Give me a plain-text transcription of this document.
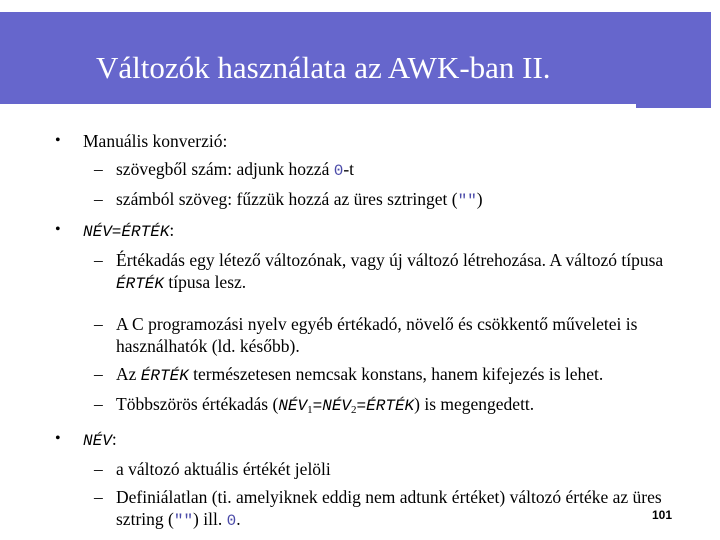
Változók használata az AWK-ban II.
• Manuális konverzió:
– szövegből szám: adjunk hozzá 0-t
– számból szöveg: fűzzük hozzá az üres sztringet (″″)
• NÉV=ÉRTÉK:
– Értékadás egy létező változónak, vagy új változó létrehozása. A változó típusa ÉRTÉK típusa lesz.
– A C programozási nyelv egyéb értékadó, növelő és csökkentő műveletei is használhatók (ld. később).
– Az ÉRTÉK természetesen nemcsak konstans, hanem kifejezés is lehet.
– Többszörös értékadás $(NÉV_1=NÉV_2=ÉRTÉK)$ is megengedett.
• NÉV:
– a változó aktuális értékét jelöli
– Definiálatlan (ti. amelyiknek eddig nem adtunk értéket) változó értéke az üres sztring (″″) ill. 0.	101
